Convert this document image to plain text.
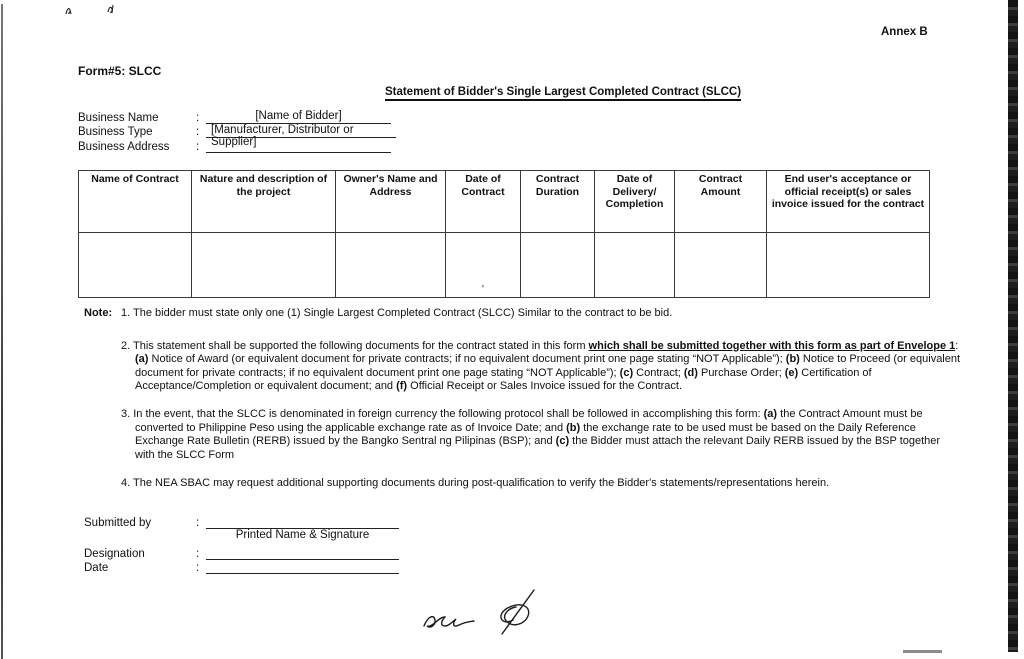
Annex B
Form#5: SLCC
Statement of Bidder's Single Largest Completed Contract (SLCC)
Business Name	:	[Name of Bidder]
Business Type	:	[Manufacturer, Distributor or Supplier]
Business Address	:
Name of Contract	Nature and description of the project	Owner's Name and Address	Date of Contract	Contract Duration	Date of Delivery/ Completion	Contract Amount	End user's acceptance or official receipt(s) or sales invoice issued for the contract
			'				
Note: 1. The bidder must state only one (1) Single Largest Completed Contract (SLCC) Similar to the contract to be bid.
2. This statement shall be supported the following documents for the contract stated in this form which shall be submitted together with this form as part of Envelope 1: (a) Notice of Award (or equivalent document for private contracts; if no equivalent document print one page stating “NOT Applicable”); (b) Notice to Proceed (or equivalent document for private contracts; if no equivalent document print one page stating “NOT Applicable”); (c) Contract; (d) Purchase Order; (e) Certification of Acceptance/Completion or equivalent document; and (f) Official Receipt or Sales Invoice issued for the Contract.
3. In the event, that the SLCC is denominated in foreign currency the following protocol shall be followed in accomplishing this form: (a) the Contract Amount must be converted to Philippine Peso using the applicable exchange rate as of Invoice Date; and (b) the exchange rate to be used must be based on the Daily Reference Exchange Rate Bulletin (RERB) issued by the Bangko Sentral ng Pilipinas (BSP); and (c) the Bidder must attach the relevant Daily RERB issued by the BSP together with the SLCC Form
4. The NEA SBAC may request additional supporting documents during post-qualification to verify the Bidder's statements/representations herein.
Submitted by	:
Printed Name & Signature
Designation	:
Date	:
